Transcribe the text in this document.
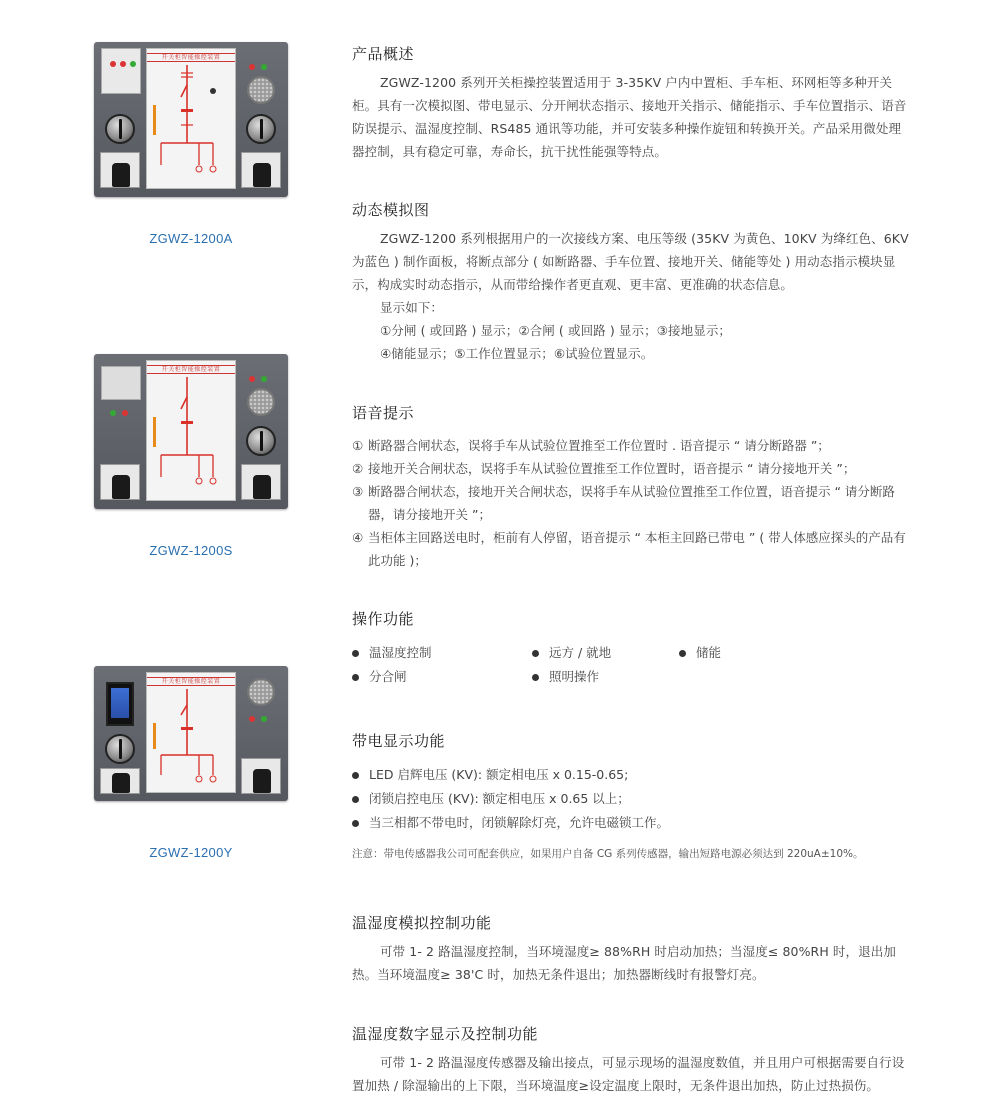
开关柜智能操控装置
ZGWZ-1200A
开关柜智能操控装置
ZGWZ-1200S
开关柜智能操控装置
ZGWZ-1200Y
产品概述

ZGWZ-1200 系列开关柜操控装置适用于 3-35KV 户内中置柜、手车柜、环网柜等多种开关柜。具有一次模拟图、带电显示、分开闸状态指示、接地开关指示、储能指示、手车位置指示、语音防误提示、温湿度控制、RS485 通讯等功能，并可安装多种操作旋钮和转换开关。产品采用微处理器控制，具有稳定可靠，寿命长，抗干扰性能强等特点。

动态模拟图

ZGWZ-1200 系列根据用户的一次接线方案、电压等级 (35KV 为黄色、10KV 为绛红色、6KV 为蓝色 ) 制作面板，将断点部分 ( 如断路器、手车位置、接地开关、储能等处 ) 用动态指示模块显示，构成实时动态指示，从而带给操作者更直观、更丰富、更准确的状态信息。

显示如下：

①分闸 ( 或回路 ) 显示；②合闸 ( 或回路 ) 显示；③接地显示；

④储能显示；⑤工作位置显示；⑥试验位置显示。

语音提示
① 断路器合闸状态，误将手车从试验位置推至工作位置时 . 语音提示 “ 请分断路器 ”；
② 接地开关合闸状态，误将手车从试验位置推至工作位置时，语音提示 “ 请分接地开关 ”；
③ 断路器合闸状态，接地开关合闸状态，误将手车从试验位置推至工作位置，语音提示 “ 请分断路器，请分接地开关 ”；
④ 当柜体主回路送电时，柜前有人停留，语音提示 “ 本柜主回路已带电 ” ( 带人体感应探头的产品有此功能 )；
操作功能
温湿度控制	远方 / 就地	储能
分合闸	照明操作
带电显示功能
LED 启辉电压 (KV): 额定相电压 x 0.15-0.65;
闭锁启控电压 (KV): 额定相电压 x 0.65 以上；
当三相都不带电时，闭锁解除灯亮，允许电磁锁工作。

注意：带电传感器我公司可配套供应，如果用户自备 CG 系列传感器，输出短路电源必须达到 220uA±10%。

温湿度模拟控制功能

可带 1- 2 路温湿度控制，当环境湿度≥ 88%RH 时启动加热；当湿度≤ 80%RH 时，退出加热。当环境温度≥ 38'C 时，加热无条件退出；加热器断线时有报警灯亮。

温湿度数字显示及控制功能

可带 1- 2 路温湿度传感器及输出接点，可显示现场的温湿度数值，并且用户可根据需要自行设置加热 / 除湿输出的上下限，当环境温度≥设定温度上限时，无条件退出加热，防止过热损伤。
